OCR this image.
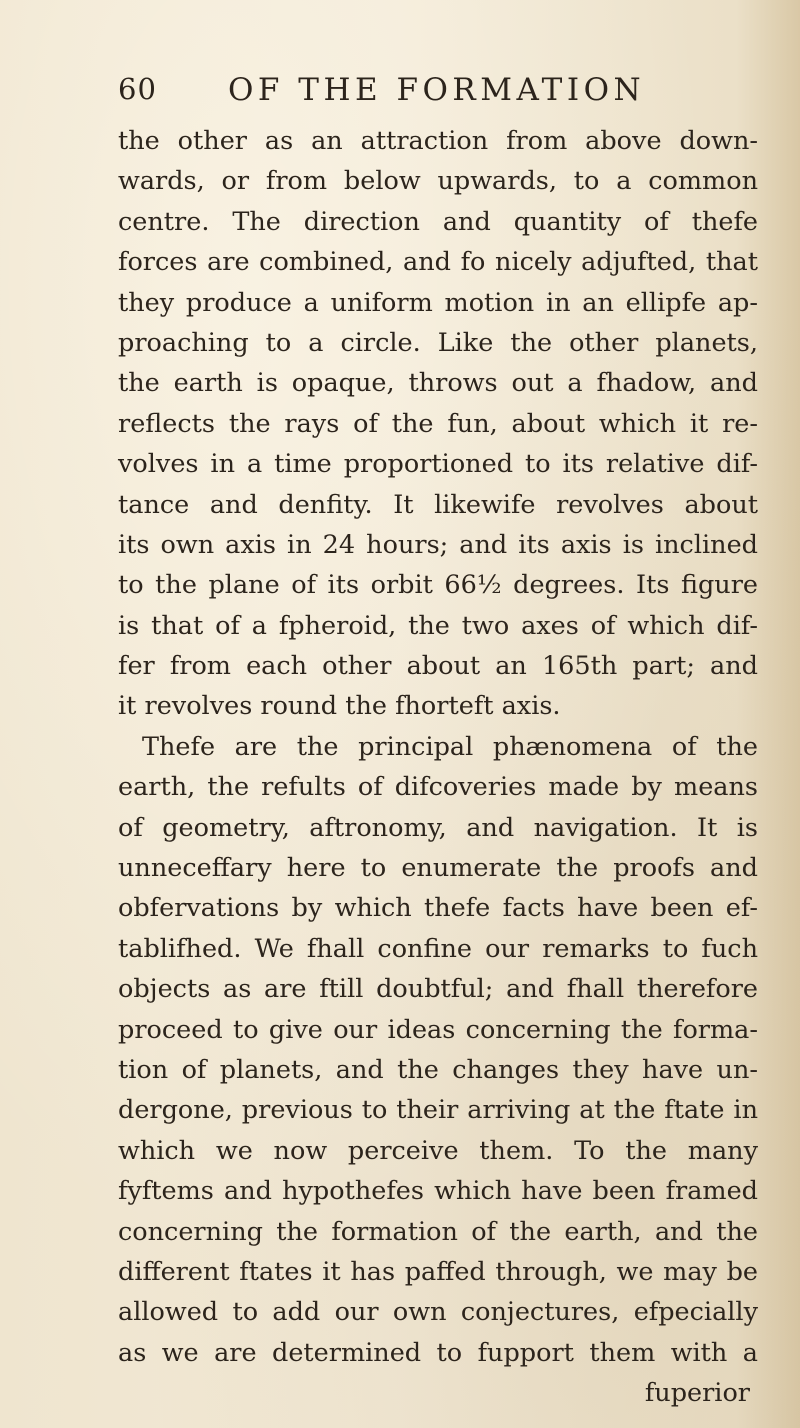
60 OF THE FORMATION
the other as an attraction from above down-
wards, or from below upwards, to a common
centre. The direction and quantity of thefe
forces are combined, and fo nicely adjufted, that
they produce a uniform motion in an ellipfe ap-
proaching to a circle. Like the other planets,
the earth is opaque, throws out a fhadow, and
reflects the rays of the fun, about which it re-
volves in a time proportioned to its relative dif-
tance and denfity. It likewife revolves about
its own axis in 24 hours; and its axis is inclined
to the plane of its orbit 66½ degrees. Its figure
is that of a fpheroid, the two axes of which dif-
fer from each other about an 165th part; and
it revolves round the fhorteft axis.
Thefe are the principal phænomena of the
earth, the refults of difcoveries made by means
of geometry, aftronomy, and navigation. It is
unneceffary here to enumerate the proofs and
obfervations by which thefe facts have been ef-
tablifhed. We fhall confine our remarks to fuch
objects as are ftill doubtful; and fhall therefore
proceed to give our ideas concerning the forma-
tion of planets, and the changes they have un-
dergone, previous to their arriving at the ftate in
which we now perceive them. To the many
fyftems and hypothefes which have been framed
concerning the formation of the earth, and the
different ftates it has paffed through, we may be
allowed to add our own conjectures, efpecially
as we are determined to fupport them with a
fuperior
